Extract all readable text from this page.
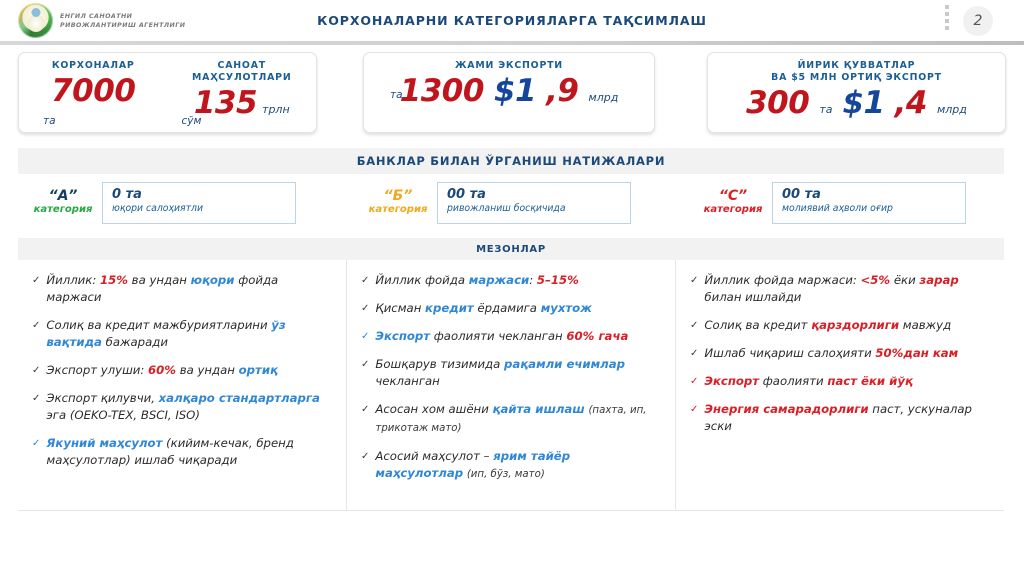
ЕНГИЛ САНОАТНИ
РИВОЖЛАНТИРИШ АГЕНТЛИГИ	КОРХОНАЛАРНИ КАТЕГОРИЯЛАРГА ТАҚСИМЛАШ	2
КОРХОНАЛАР
7000
та
САНОАТ
МАҲСУЛОТЛАРИ
135 трлн
сўм
ЖАМИ ЭКСПОРТИ
1300 $1 ,9 млрд
та
ЙИРИК ҚУВВАТЛАР
ВА $5 МЛН ОРТИҚ ЭКСПОРТ
300 та $1 ,4 млрд
БАНКЛАР БИЛАН ЎРГАНИШ НАТИЖАЛАРИ
“А”
категория
0 та
юқори салоҳиятли
“Б”
категория
00 та
ривожланиш босқичида
“С”
категория
00 та
молиявий аҳволи оғир
МЕЗОНЛАР
✓ Йиллик: 15% ва ундан юқори фойда маржаси
✓ Солиқ ва кредит мажбуриятларини ўз вақтида бажаради
✓ Экспорт улуши: 60% ва ундан ортиқ
✓ Экспорт қилувчи, халқаро стандартларга эга (OEKO-TEX, BSCI, ISO)
✓ Якуний маҳсулот (кийим-кечак, бренд маҳсулотлар) ишлаб чиқаради
✓ Йиллик фойда маржаси: 5–15%
✓ Қисман кредит ёрдамига мухтож
✓ Экспорт фаолияти чекланган 60% гача
✓ Бошқарув тизимида рақамли ечимлар чекланган
✓ Асосан хом ашёни қайта ишлаш (пахта, ип, трикотаж мато)
✓ Асосий маҳсулот – ярим тайёр маҳсулотлар (ип, бўз, мато)
✓ Йиллик фойда маржаси: <5% ёки зарар билан ишлайди
✓ Солиқ ва кредит қарздорлиги мавжуд
✓ Ишлаб чиқариш салоҳияти 50%дан кам
✓ Экспорт фаолияти паст ёки йўқ
✓ Энергия самарадорлиги паст, ускуналар эски
